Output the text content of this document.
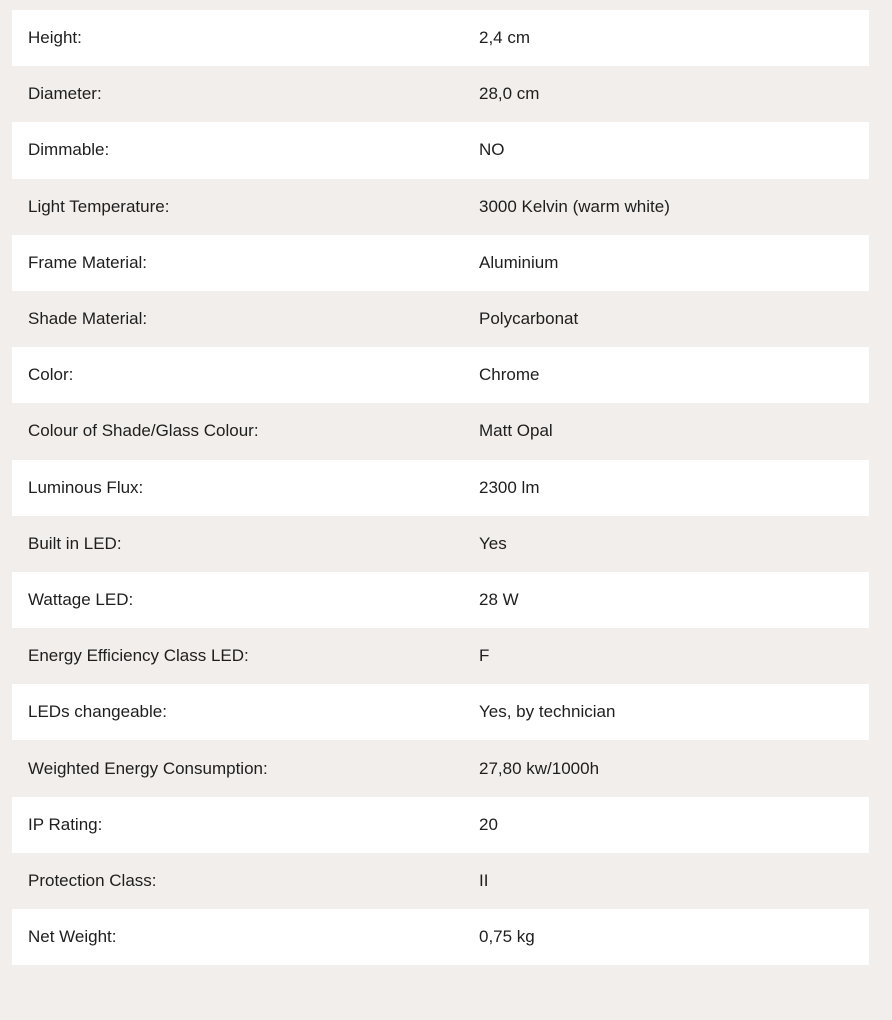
Height:	2,4 cm
Diameter:	28,0 cm
Dimmable:	NO
Light Temperature:	3000 Kelvin (warm white)
Frame Material:	Aluminium
Shade Material:	Polycarbonat
Color:	Chrome
Colour of Shade/Glass Colour:	Matt Opal
Luminous Flux:	2300 lm
Built in LED:	Yes
Wattage LED:	28 W
Energy Efficiency Class LED:	F
LEDs changeable:	Yes, by technician
Weighted Energy Consumption:	27,80 kw/1000h
IP Rating:	20
Protection Class:	II
Net Weight:	0,75 kg
